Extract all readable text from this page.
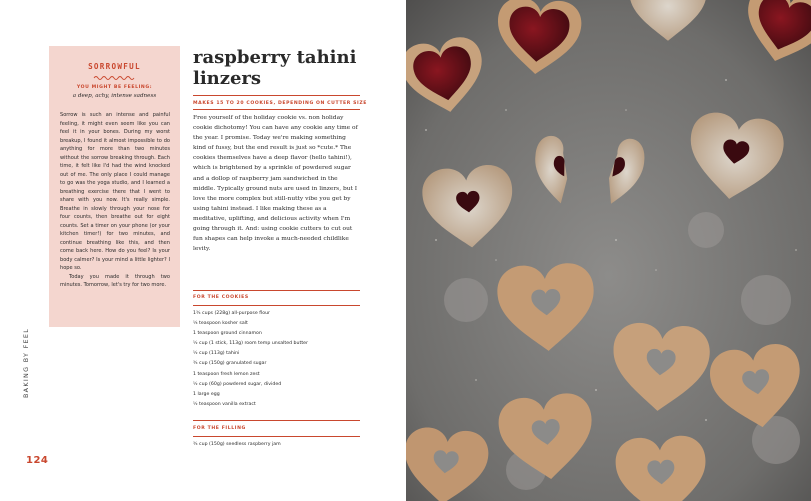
SORROWFUL
YOU MIGHT BE FEELING:
a deep, achy, intense sadness

Sorrow is such an intense and painful feeling, it might even seem like you can feel it in your bones. During my worst breakup, I found it almost impossible to do anything for more than two minutes without the sorrow breaking through. Each time, it felt like I'd had the wind knocked out of me. The only place I could manage to go was the yoga studio, and I learned a breathing exercise there that I went to share with you now. It's really simple. Breathe in slowly through your nose for four counts, then breathe out for eight counts. Set a timer on your phone (or your kitchen timer!) for two minutes, and continue breathing like this, and then come back here. How do you feel? Is your body calmer? Is your mind a little lighter? I hope so.

Today you made it through two minutes. Tomorrow, let's try for two more.

raspberry tahini linzers
MAKES 15 TO 20 COOKIES, DEPENDING ON CUTTER SIZE
Free yourself of the holiday cookie vs. non holiday cookie dichotomy! You can have any cookie any time of the year. I promise. Today we're making something kind of fussy, but the end result is just so *cute.* The cookies themselves have a deep flavor (hello tahini!), which is brightened by a sprinkle of powdered sugar and a dollop of raspberry jam sandwiched in the middle. Typically ground nuts are used in linzers, but I love the more complex but still-nutty vibe you get by using tahini instead. I like making these as a meditative, uplifting, and delicious activity when I'm going through it. And: using cookie cutters to cut out fun shapes can help invoke a much-needed childlike levity.
FOR THE COOKIES
1¾ cups (228g) all-purpose flour
¼ teaspoon kosher salt
1 teaspoon ground cinnamon
½ cup (1 stick, 113g) room temp unsalted butter
½ cup (113g) tahini
¾ cup (150g) granulated sugar
1 teaspoon fresh lemon zest
½ cup (60g) powdered sugar, divided
1 large egg
½ teaspoon vanilla extract
FOR THE FILLING
¾ cup (150g) seedless raspberry jam
BAKING BY FEEL
124
